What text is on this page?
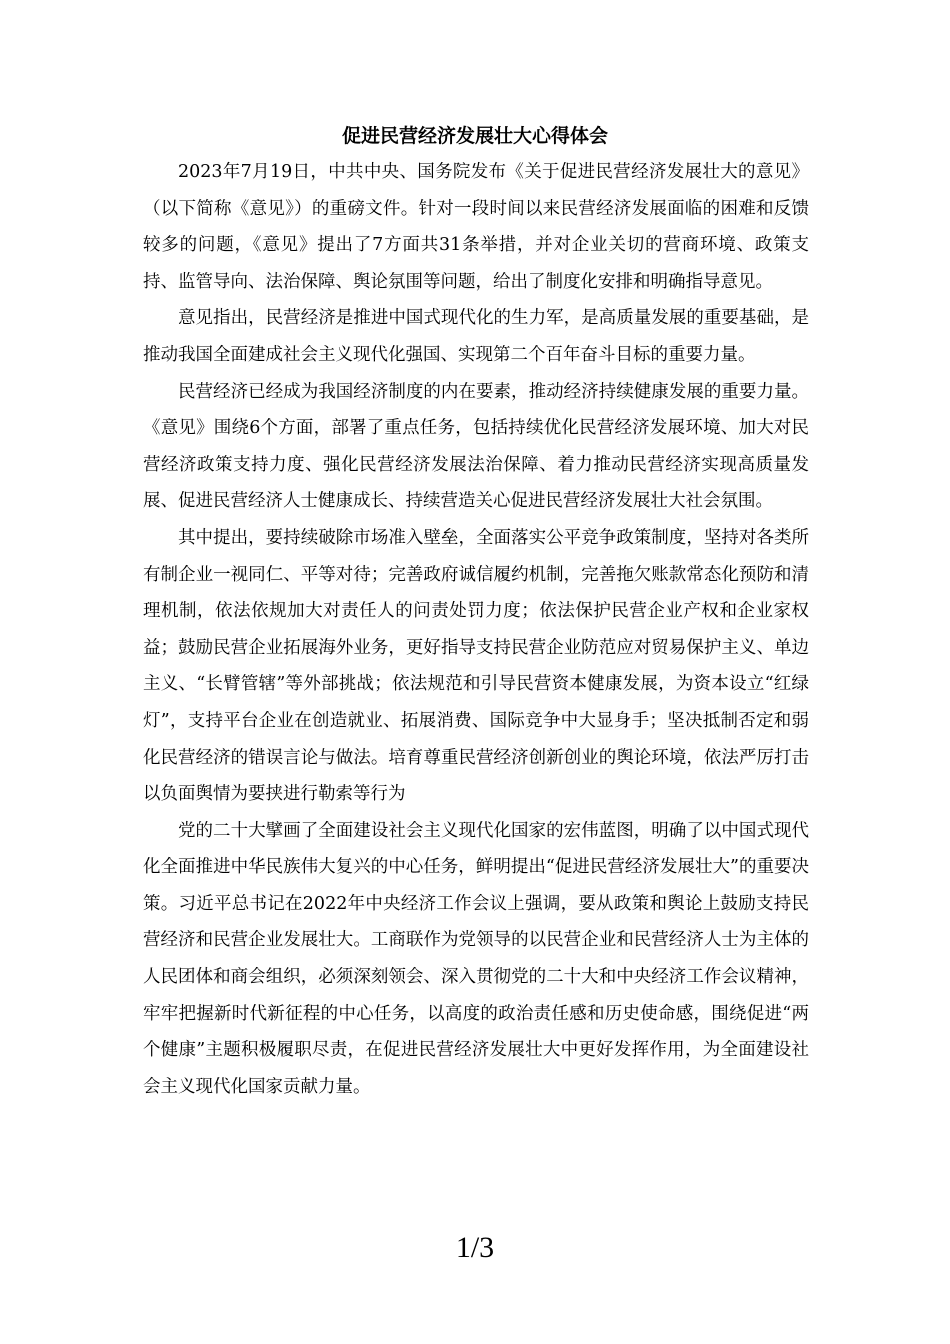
促进民营经济发展壮大心得体会

2023年7月19日，中共中央、国务院发布《关于促进民营经济发展壮大的意见》（以下简称《意见》）的重磅文件。针对一段时间以来民营经济发展面临的困难和反馈较多的问题，《意见》提出了7方面共31条举措，并对企业关切的营商环境、政策支持、监管导向、法治保障、舆论氛围等问题，给出了制度化安排和明确指导意见。

意见指出，民营经济是推进中国式现代化的生力军，是高质量发展的重要基础，是推动我国全面建成社会主义现代化强国、实现第二个百年奋斗目标的重要力量。

民营经济已经成为我国经济制度的内在要素，推动经济持续健康发展的重要力量。《意见》围绕6个方面，部署了重点任务，包括持续优化民营经济发展环境、加大对民营经济政策支持力度、强化民营经济发展法治保障、着力推动民营经济实现高质量发展、促进民营经济人士健康成长、持续营造关心促进民营经济发展壮大社会氛围。

其中提出，要持续破除市场准入壁垒，全面落实公平竞争政策制度，坚持对各类所有制企业一视同仁、平等对待；完善政府诚信履约机制，完善拖欠账款常态化预防和清理机制，依法依规加大对责任人的问责处罚力度；依法保护民营企业产权和企业家权益；鼓励民营企业拓展海外业务，更好指导支持民营企业防范应对贸易保护主义、单边主义、“长臂管辖”等外部挑战；依法规范和引导民营资本健康发展，为资本设立“红绿灯”，支持平台企业在创造就业、拓展消费、国际竞争中大显身手；坚决抵制否定和弱化民营经济的错误言论与做法。培育尊重民营经济创新创业的舆论环境，依法严厉打击以负面舆情为要挟进行勒索等行为

党的二十大擘画了全面建设社会主义现代化国家的宏伟蓝图，明确了以中国式现代化全面推进中华民族伟大复兴的中心任务，鲜明提出“促进民营经济发展壮大”的重要决策。习近平总书记在2022年中央经济工作会议上强调，要从政策和舆论上鼓励支持民营经济和民营企业发展壮大。工商联作为党领导的以民营企业和民营经济人士为主体的人民团体和商会组织，必须深刻领会、深入贯彻党的二十大和中央经济工作会议精神，牢牢把握新时代新征程的中心任务，以高度的政治责任感和历史使命感，围绕促进“两个健康”主题积极履职尽责，在促进民营经济发展壮大中更好发挥作用，为全面建设社会主义现代化国家贡献力量。

1/3
